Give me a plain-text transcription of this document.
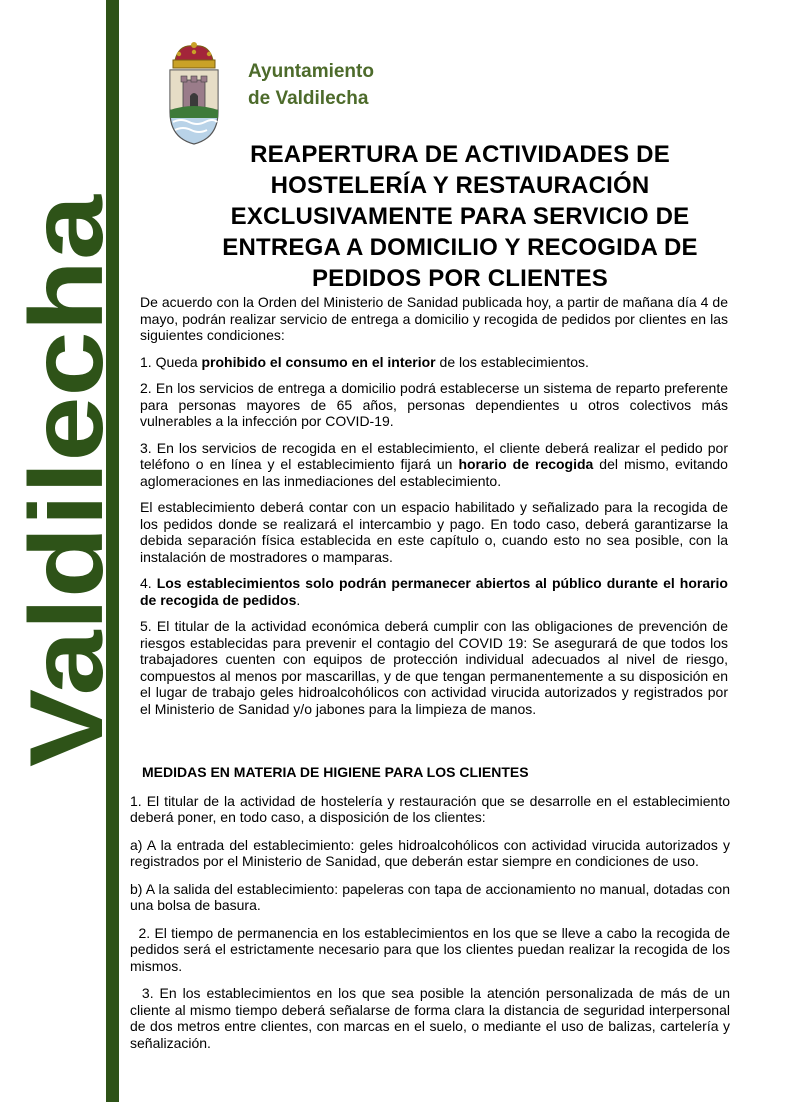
Valdilecha
Ayuntamiento
de Valdilecha
REAPERTURA DE ACTIVIDADES DE
HOSTELERÍA Y RESTAURACIÓN
EXCLUSIVAMENTE PARA SERVICIO DE
ENTREGA A DOMICILIO Y RECOGIDA DE
PEDIDOS POR CLIENTES

De acuerdo con la Orden del Ministerio de Sanidad publicada hoy, a partir de mañana día 4 de mayo, podrán realizar servicio de entrega a domicilio y recogida de pedidos por clientes en las siguientes condiciones:

1. Queda prohibido el consumo en el interior de los establecimientos.

2. En los servicios de entrega a domicilio podrá establecerse un sistema de reparto preferente para personas mayores de 65 años, personas dependientes u otros colectivos más vulnerables a la infección por COVID-19.

3. En los servicios de recogida en el establecimiento, el cliente deberá realizar el pedido por teléfono o en línea y el establecimiento fijará un horario de recogida del mismo, evitando aglomeraciones en las inmediaciones del establecimiento.

El establecimiento deberá contar con un espacio habilitado y señalizado para la recogida de los pedidos donde se realizará el intercambio y pago. En todo caso, deberá garantizarse la debida separación física establecida en este capítulo o, cuando esto no sea posible, con la instalación de mostradores o mamparas.

4. Los establecimientos solo podrán permanecer abiertos al público durante el horario de recogida de pedidos.

5. El titular de la actividad económica deberá cumplir con las obligaciones de prevención de riesgos establecidas para prevenir el contagio del COVID 19: Se asegurará de que todos los trabajadores cuenten con equipos de protección individual adecuados al nivel de riesgo, compuestos al menos por mascarillas, y de que tengan permanentemente a su disposición en el lugar de trabajo geles hidroalcohólicos con actividad virucida autorizados y registrados por el Ministerio de Sanidad y/o jabones para la limpieza de manos.

MEDIDAS EN MATERIA DE HIGIENE PARA LOS CLIENTES

1. El titular de la actividad de hostelería y restauración que se desarrolle en el establecimiento deberá poner, en todo caso, a disposición de los clientes:

a) A la entrada del establecimiento: geles hidroalcohólicos con actividad virucida autorizados y registrados por el Ministerio de Sanidad, que deberán estar siempre en condiciones de uso.

b) A la salida del establecimiento: papeleras con tapa de accionamiento no manual, dotadas con una bolsa de basura.

2. El tiempo de permanencia en los establecimientos en los que se lleve a cabo la recogida de pedidos será el estrictamente necesario para que los clientes puedan realizar la recogida de los mismos.

3. En los establecimientos en los que sea posible la atención personalizada de más de un cliente al mismo tiempo deberá señalarse de forma clara la distancia de seguridad interpersonal de dos metros entre clientes, con marcas en el suelo, o mediante el uso de balizas, cartelería y señalización.
